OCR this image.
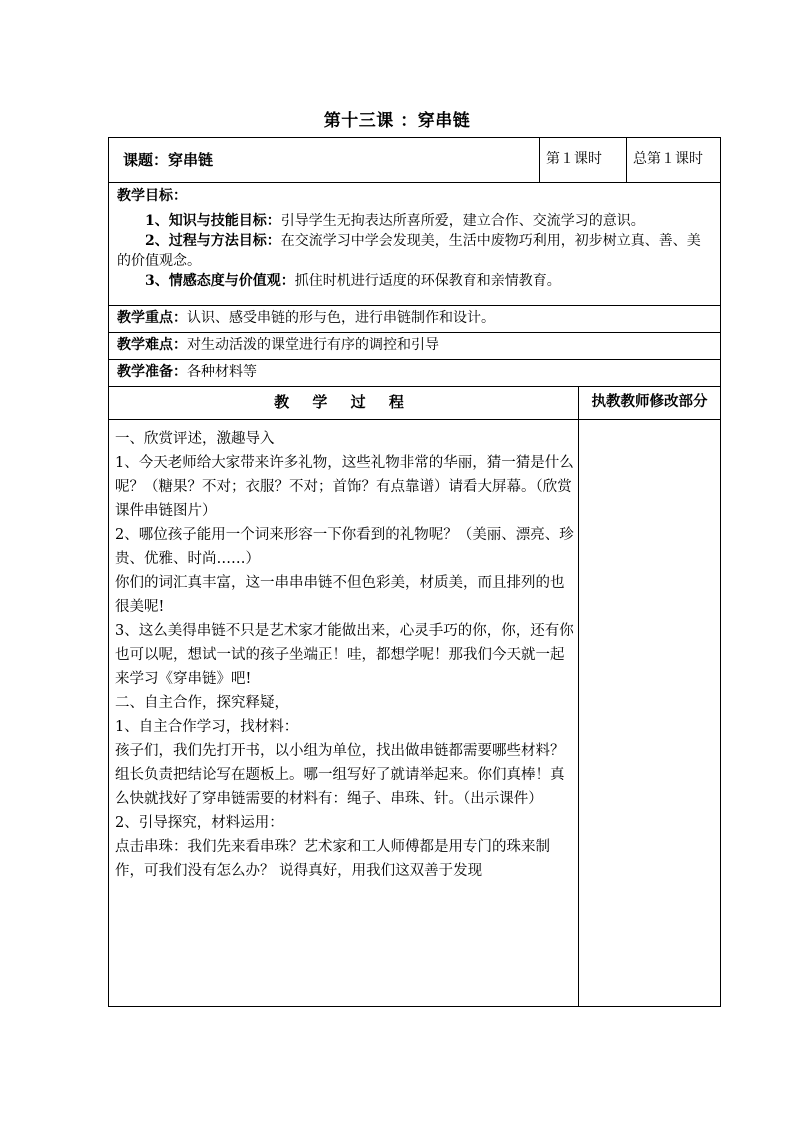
第十三课 ：穿串链
课题：穿串链	第１课时	总第１课时

教学目标：

1、知识与技能目标：引导学生无拘表达所喜所爱，建立合作、交流学习的意识。

2、过程与方法目标：在交流学习中学会发现美，生活中废物巧利用，初步树立真、善、美的价值观念。

3、情感态度与价值观：抓住时机进行适度的环保教育和亲情教育。

教学重点：认识、感受串链的形与色，进行串链制作和设计。
教学难点：对生动活泼的课堂进行有序的调控和引导
教学准备：各种材料等
教 学 过 程	执教教师修改部分

一、欣赏评述，激趣导入

1、今天老师给大家带来许多礼物，这些礼物非常的华丽，猜一猜是什么呢？（糖果？不对；衣服？不对；首饰？有点靠谱）请看大屏幕。（欣赏课件串链图片）

2、哪位孩子能用一个词来形容一下你看到的礼物呢？（美丽、漂亮、珍贵、优雅、时尚……）

你们的词汇真丰富，这一串串串链不但色彩美，材质美，而且排列的也很美呢!

3、这么美得串链不只是艺术家才能做出来，心灵手巧的你，你，还有你也可以呢，想试一试的孩子坐端正！哇，都想学呢！那我们今天就一起来学习《穿串链》吧!

二、自主合作，探究释疑，

1、自主合作学习，找材料：

孩子们，我们先打开书，以小组为单位，找出做串链都需要哪些材料？组长负责把结论写在题板上。哪一组写好了就请举起来。你们真棒！真么快就找好了穿串链需要的材料有：绳子、串珠、针。（出示课件）

2、引导探究，材料运用：

点击串珠：我们先来看串珠？艺术家和工人师傅都是用专门的珠来制作，可我们没有怎么办？ 说得真好，用我们这双善于发现
